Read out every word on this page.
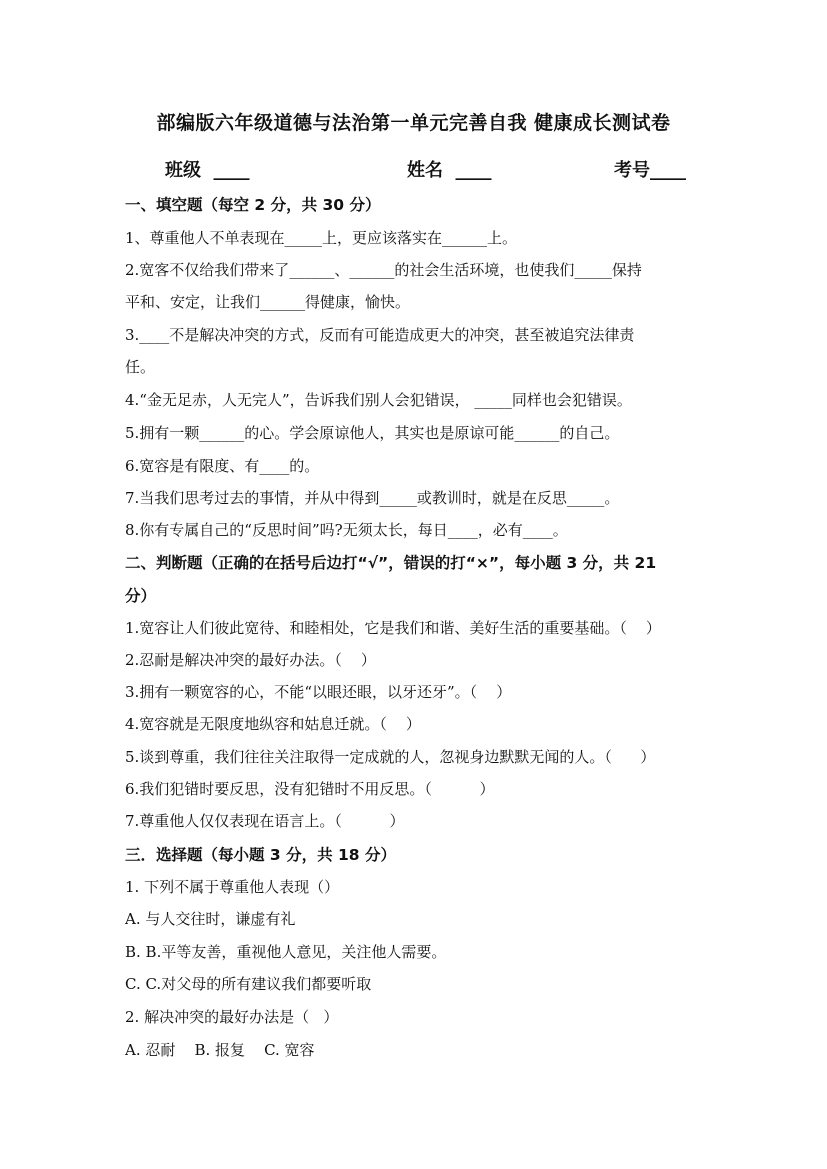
部编版六年级道德与法治第一单元完善自我 健康成长测试卷
班级  ____	姓名  ____	考号____
一、填空题（每空 2 分，共 30 分）
1、尊重他人不单表现在_____上，更应该落实在______上。
2.宽客不仅给我们带来了______、______的社会生活环境，也使我们_____保持
平和、安定，让我们______得健康，愉快。
3.____不是解决冲突的方式，反而有可能造成更大的冲突，甚至被追究法律责
任。
4.“金无足赤，人无完人”，告诉我们别人会犯错误， _____同样也会犯错误。
5.拥有一颗______的心。学会原谅他人，其实也是原谅可能______的自己。
6.宽容是有限度、有____的。
7.当我们思考过去的事情，并从中得到_____或教训时，就是在反思_____。
8.你有专属自己的“反思时间”吗?无须太长，每日____，必有____。
二、判断题（正确的在括号后边打“√”，错误的打“×”，每小题 3 分，共 21
分）
1.宽容让人们彼此宽待、和睦相处，它是我们和谐、美好生活的重要基础。（    ）
2.忍耐是解决冲突的最好办法。（    ）
3.拥有一颗宽容的心，不能“以眼还眼，以牙还牙”。（    ）
4.宽容就是无限度地纵容和姑息迁就。（    ）
5.谈到尊重，我们往往关注取得一定成就的人，忽视身边默默无闻的人。（      ）
6.我们犯错时要反思，没有犯错时不用反思。（          ）
7.尊重他人仅仅表现在语言上。（          ）
三．选择题（每小题 3 分，共 18 分）
1. 下列不属于尊重他人表现（）
A. 与人交往时，谦虚有礼
B. B.平等友善，重视他人意见，关注他人需要。
C. C.对父母的所有建议我们都要听取
2. 解决冲突的最好办法是（   ）
A. 忍耐    B. 报复    C. 宽容
